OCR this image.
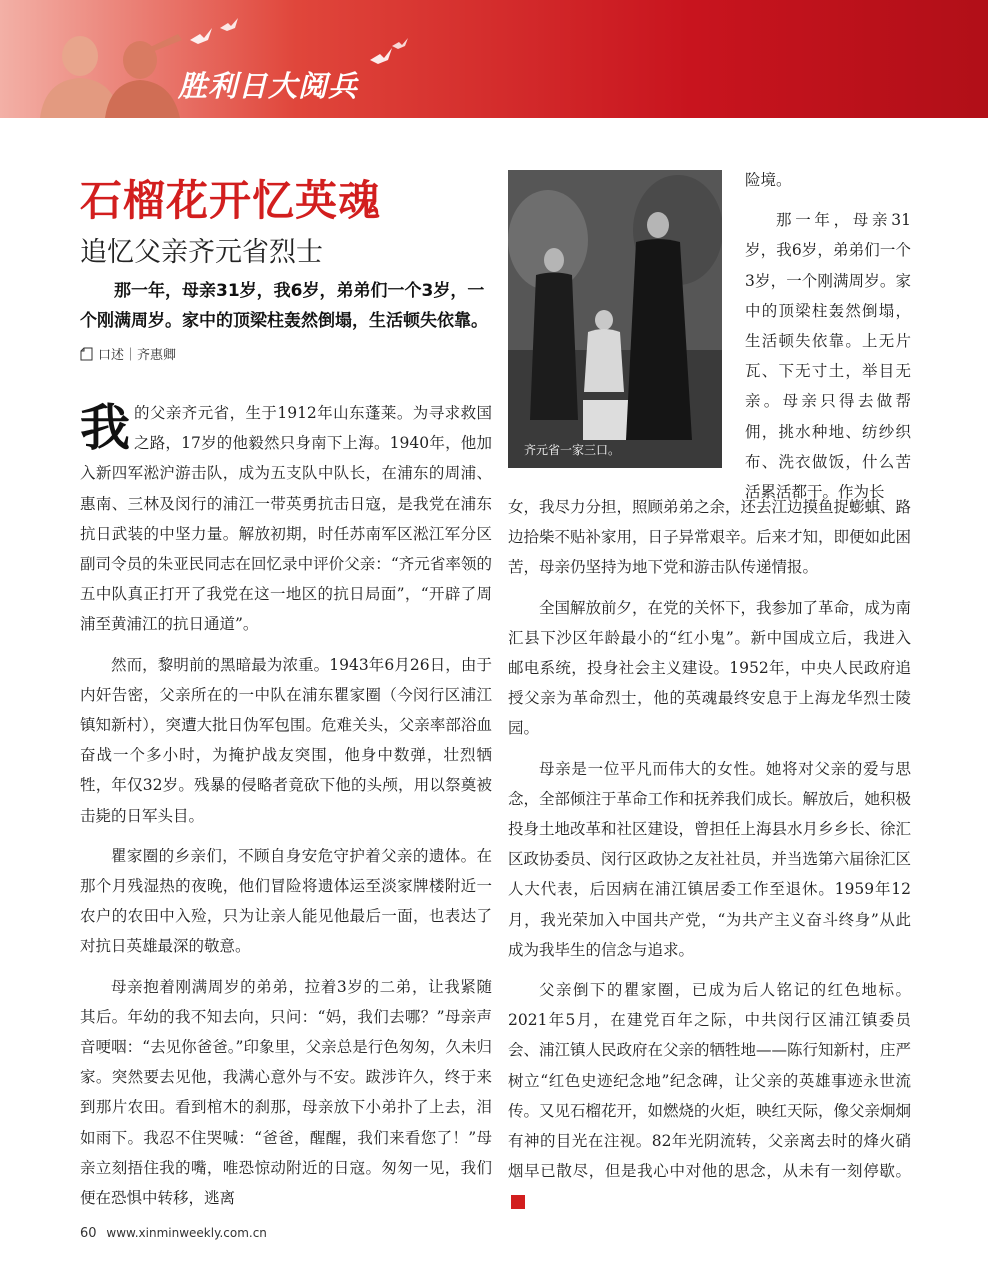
胜利日大阅兵
石榴花开忆英魂
追忆父亲齐元省烈士
那一年，母亲31岁，我6岁，弟弟们一个3岁，一个刚满周岁。家中的顶梁柱轰然倒塌，生活顿失依靠。
口述｜齐惠卿

我的父亲齐元省，生于1912年山东蓬莱。为寻求救国之路，17岁的他毅然只身南下上海。1940年，他加入新四军淞沪游击队，成为五支队中队长，在浦东的周浦、惠南、三林及闵行的浦江一带英勇抗击日寇，是我党在浦东抗日武装的中坚力量。解放初期，时任苏南军区淞江军分区副司令员的朱亚民同志在回忆录中评价父亲：“齐元省率领的五中队真正打开了我党在这一地区的抗日局面”，“开辟了周浦至黄浦江的抗日通道”。

然而，黎明前的黑暗最为浓重。1943年6月26日，由于内奸告密，父亲所在的一中队在浦东瞿家圈（今闵行区浦江镇知新村），突遭大批日伪军包围。危难关头，父亲率部浴血奋战一个多小时，为掩护战友突围，他身中数弹，壮烈牺牲，年仅32岁。残暴的侵略者竟砍下他的头颅，用以祭奠被击毙的日军头目。

瞿家圈的乡亲们，不顾自身安危守护着父亲的遗体。在那个月残湿热的夜晚，他们冒险将遗体运至淡家牌楼附近一农户的农田中入殓，只为让亲人能见他最后一面，也表达了对抗日英雄最深的敬意。

母亲抱着刚满周岁的弟弟，拉着3岁的二弟，让我紧随其后。年幼的我不知去向，只问：“妈，我们去哪？”母亲声音哽咽：“去见你爸爸。”印象里，父亲总是行色匆匆，久未归家。突然要去见他，我满心意外与不安。跋涉许久，终于来到那片农田。看到棺木的刹那，母亲放下小弟扑了上去，泪如雨下。我忍不住哭喊：“爸爸，醒醒，我们来看您了！”母亲立刻捂住我的嘴，唯恐惊动附近的日寇。匆匆一见，我们便在恐惧中转移，逃离

齐元省一家三口。

险境。

那一年，母亲31岁，我6岁，弟弟们一个3岁，一个刚满周岁。家中的顶梁柱轰然倒塌，生活顿失依靠。上无片瓦、下无寸土，举目无亲。母亲只得去做帮佣，挑水种地、纺纱织布、洗衣做饭，什么苦活累活都干。作为长

女，我尽力分担，照顾弟弟之余，还去江边摸鱼捉蟛蜞、路边拾柴不贴补家用，日子异常艰辛。后来才知，即便如此困苦，母亲仍坚持为地下党和游击队传递情报。

全国解放前夕，在党的关怀下，我参加了革命，成为南汇县下沙区年龄最小的“红小鬼”。新中国成立后，我进入邮电系统，投身社会主义建设。1952年，中央人民政府追授父亲为革命烈士，他的英魂最终安息于上海龙华烈士陵园。

母亲是一位平凡而伟大的女性。她将对父亲的爱与思念，全部倾注于革命工作和抚养我们成长。解放后，她积极投身土地改革和社区建设，曾担任上海县水月乡乡长、徐汇区政协委员、闵行区政协之友社社员，并当选第六届徐汇区人大代表，后因病在浦江镇居委工作至退休。1959年12月，我光荣加入中国共产党，“为共产主义奋斗终身”从此成为我毕生的信念与追求。

父亲倒下的瞿家圈，已成为后人铭记的红色地标。2021年5月，在建党百年之际，中共闵行区浦江镇委员会、浦江镇人民政府在父亲的牺牲地——陈行知新村，庄严树立“红色史迹纪念地”纪念碑，让父亲的英雄事迹永世流传。又见石榴花开，如燃烧的火炬，映红天际，像父亲炯炯有神的目光在注视。82年光阴流转，父亲离去时的烽火硝烟早已散尽，但是我心中对他的思念，从未有一刻停歇。民

60 www.xinminweekly.com.cn
